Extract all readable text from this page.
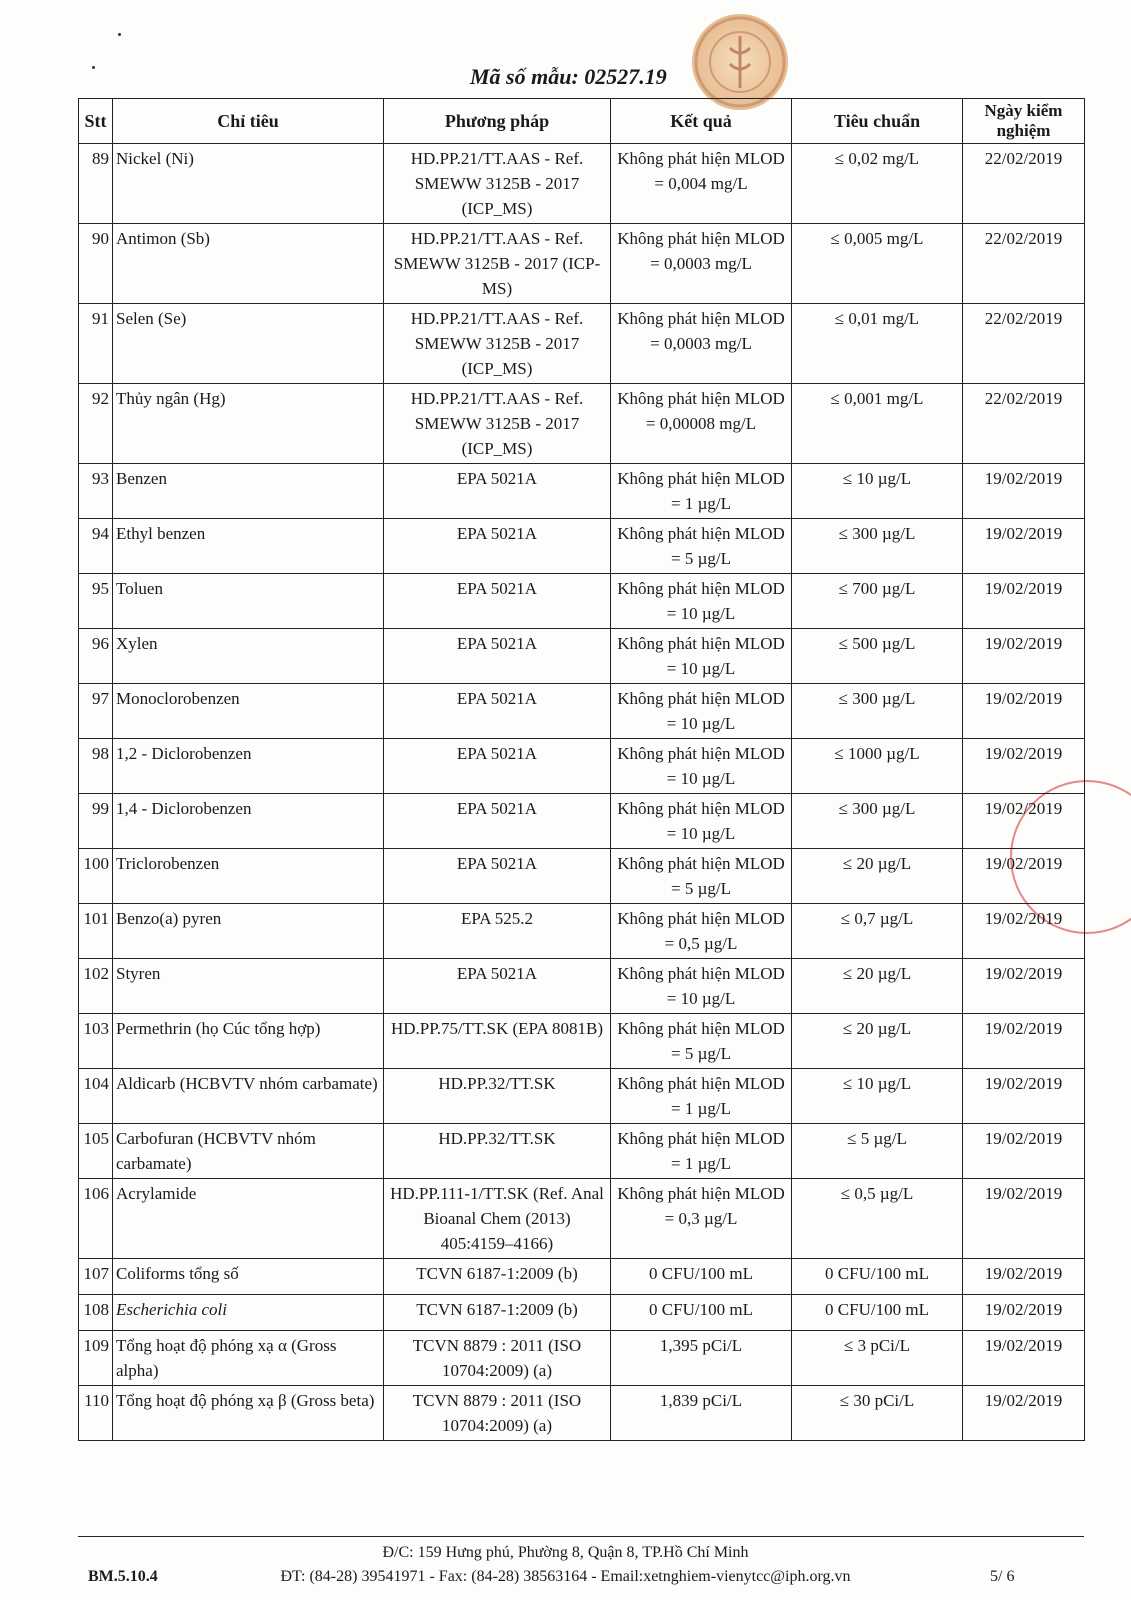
Mã số mẫu: 02527.19
Stt	Chỉ tiêu	Phương pháp	Kết quả	Tiêu chuẩn	Ngày kiểm nghiệm
89	Nickel (Ni)	HD.PP.21/TT.AAS - Ref. SMEWW 3125B - 2017 (ICP_MS)	Không phát hiện MLOD = 0,004 mg/L	≤ 0,02 mg/L	22/02/2019
90	Antimon (Sb)	HD.PP.21/TT.AAS - Ref. SMEWW 3125B - 2017 (ICP-MS)	Không phát hiện MLOD = 0,0003 mg/L	≤ 0,005 mg/L	22/02/2019
91	Selen (Se)	HD.PP.21/TT.AAS - Ref. SMEWW 3125B - 2017 (ICP_MS)	Không phát hiện MLOD = 0,0003 mg/L	≤ 0,01 mg/L	22/02/2019
92	Thủy ngân (Hg)	HD.PP.21/TT.AAS - Ref. SMEWW 3125B - 2017 (ICP_MS)	Không phát hiện MLOD = 0,00008 mg/L	≤ 0,001 mg/L	22/02/2019
93	Benzen	EPA 5021A	Không phát hiện MLOD = 1 µg/L	≤ 10 µg/L	19/02/2019
94	Ethyl benzen	EPA 5021A	Không phát hiện MLOD = 5 µg/L	≤ 300 µg/L	19/02/2019
95	Toluen	EPA 5021A	Không phát hiện MLOD = 10 µg/L	≤ 700 µg/L	19/02/2019
96	Xylen	EPA 5021A	Không phát hiện MLOD = 10 µg/L	≤ 500 µg/L	19/02/2019
97	Monoclorobenzen	EPA 5021A	Không phát hiện MLOD = 10 µg/L	≤ 300 µg/L	19/02/2019
98	1,2 - Diclorobenzen	EPA 5021A	Không phát hiện MLOD = 10 µg/L	≤ 1000 µg/L	19/02/2019
99	1,4 - Diclorobenzen	EPA 5021A	Không phát hiện MLOD = 10 µg/L	≤ 300 µg/L	19/02/2019
100	Triclorobenzen	EPA 5021A	Không phát hiện MLOD = 5 µg/L	≤ 20 µg/L	19/02/2019
101	Benzo(a) pyren	EPA 525.2	Không phát hiện MLOD = 0,5 µg/L	≤ 0,7 µg/L	19/02/2019
102	Styren	EPA 5021A	Không phát hiện MLOD = 10 µg/L	≤ 20 µg/L	19/02/2019
103	Permethrin (họ Cúc tổng hợp)	HD.PP.75/TT.SK (EPA 8081B)	Không phát hiện MLOD = 5 µg/L	≤ 20 µg/L	19/02/2019
104	Aldicarb (HCBVTV nhóm carbamate)	HD.PP.32/TT.SK	Không phát hiện MLOD = 1 µg/L	≤ 10 µg/L	19/02/2019
105	Carbofuran (HCBVTV nhóm carbamate)	HD.PP.32/TT.SK	Không phát hiện MLOD = 1 µg/L	≤ 5 µg/L	19/02/2019
106	Acrylamide	HD.PP.111-1/TT.SK (Ref. Anal Bioanal Chem (2013) 405:4159–4166)	Không phát hiện MLOD = 0,3 µg/L	≤ 0,5 µg/L	19/02/2019
107	Coliforms tổng số	TCVN 6187-1:2009 (b)	0 CFU/100 mL	0 CFU/100 mL	19/02/2019
108	Escherichia coli	TCVN 6187-1:2009 (b)	0 CFU/100 mL	0 CFU/100 mL	19/02/2019
109	Tổng hoạt độ phóng xạ α (Gross alpha)	TCVN 8879 : 2011 (ISO 10704:2009) (a)	1,395 pCi/L	≤ 3 pCi/L	19/02/2019
110	Tổng hoạt độ phóng xạ β (Gross beta)	TCVN 8879 : 2011 (ISO 10704:2009) (a)	1,839 pCi/L	≤ 30 pCi/L	19/02/2019
Đ/C: 159 Hưng phú, Phường 8, Quận 8, TP.Hồ Chí Minh
ĐT: (84-28) 39541971 - Fax: (84-28) 38563164 - Email:xetnghiem-vienytcc@iph.org.vn
BM.5.10.4	5/ 6
